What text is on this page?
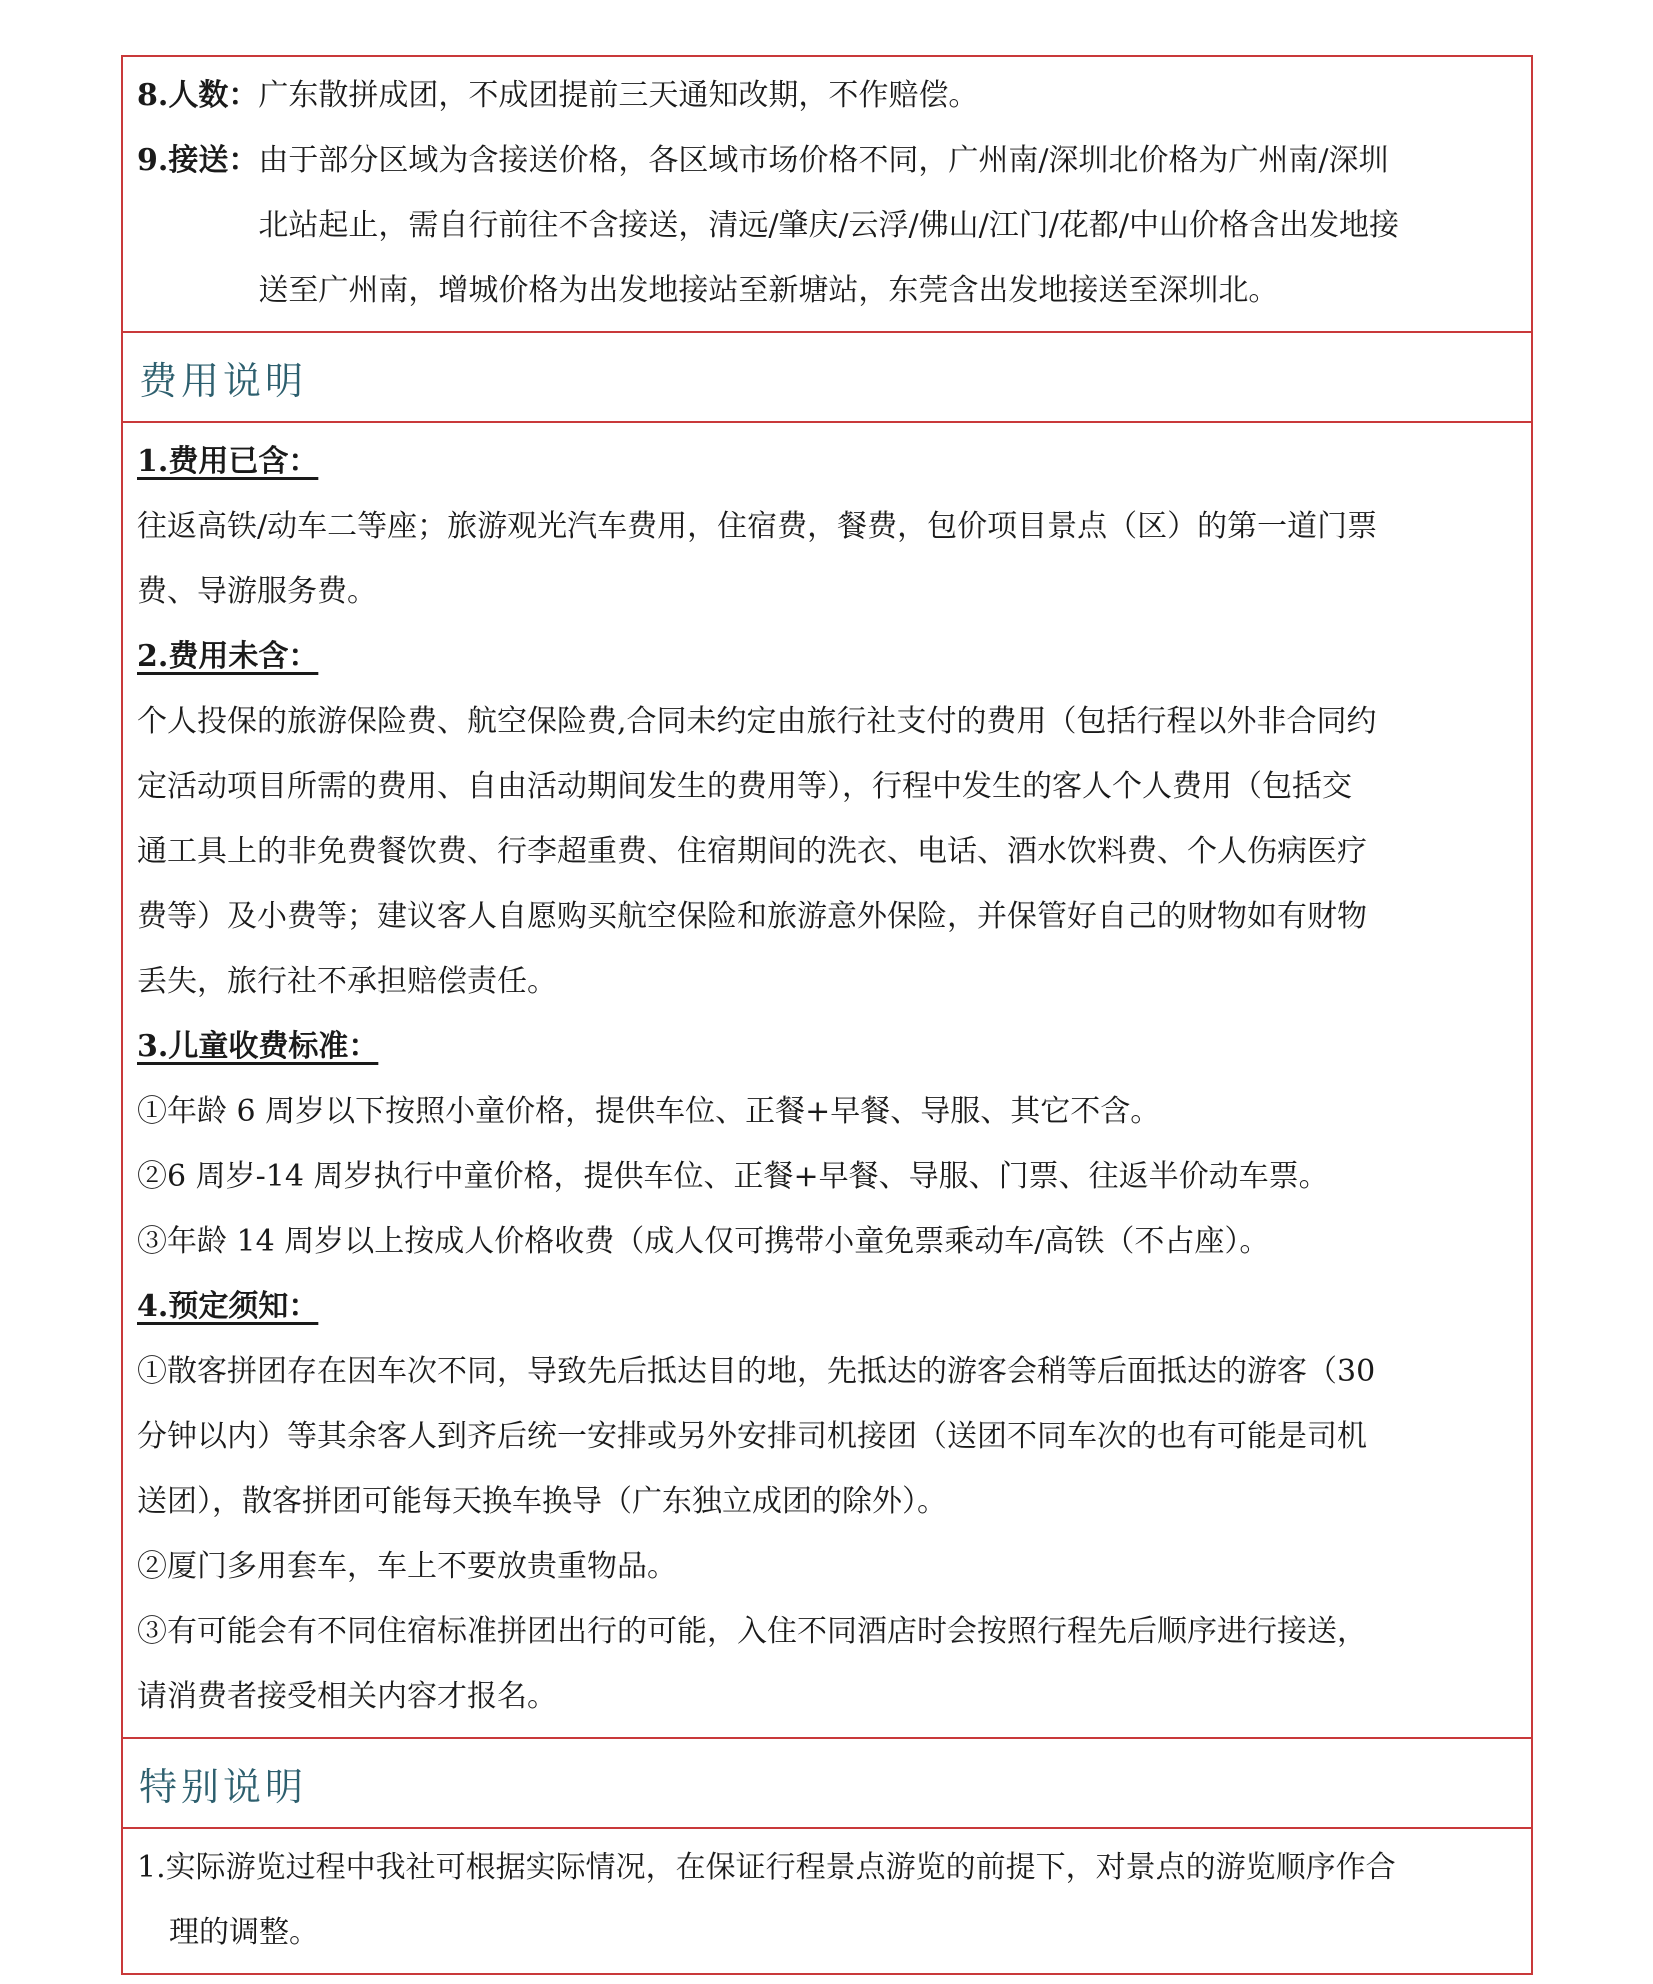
8.人数： 广东散拼成团，不成团提前三天通知改期，不作赔偿。
9.接送： 由于部分区域为含接送价格，各区域市场价格不同，广州南/深圳北价格为广州南/深圳
北站起止，需自行前往不含接送，清远/肇庆/云浮/佛山/江门/花都/中山价格含出发地接
送至广州南，增城价格为出发地接站至新塘站，东莞含出发地接送至深圳北。
费用说明
1.费用已含：
往返高铁/动车二等座；旅游观光汽车费用，住宿费，餐费，包价项目景点（区）的第一道门票
费、导游服务费。
2.费用未含：
个人投保的旅游保险费、航空保险费,合同未约定由旅行社支付的费用（包括行程以外非合同约
定活动项目所需的费用、自由活动期间发生的费用等），行程中发生的客人个人费用（包括交
通工具上的非免费餐饮费、行李超重费、住宿期间的洗衣、电话、酒水饮料费、个人伤病医疗
费等）及小费等；建议客人自愿购买航空保险和旅游意外保险，并保管好自己的财物如有财物
丢失，旅行社不承担赔偿责任。
3.儿童收费标准：
①年龄 6 周岁以下按照小童价格，提供车位、正餐+早餐、导服、其它不含。
②6 周岁-14 周岁执行中童价格，提供车位、正餐+早餐、导服、门票、往返半价动车票。
③年龄 14 周岁以上按成人价格收费（成人仅可携带小童免票乘动车/高铁（不占座）。
4.预定须知：
①散客拼团存在因车次不同，导致先后抵达目的地，先抵达的游客会稍等后面抵达的游客（30
分钟以内）等其余客人到齐后统一安排或另外安排司机接团（送团不同车次的也有可能是司机
送团），散客拼团可能每天换车换导（广东独立成团的除外）。
②厦门多用套车，车上不要放贵重物品。
③有可能会有不同住宿标准拼团出行的可能，入住不同酒店时会按照行程先后顺序进行接送，
请消费者接受相关内容才报名。
特别说明
1.实际游览过程中我社可根据实际情况，在保证行程景点游览的前提下，对景点的游览顺序作合
理的调整。
